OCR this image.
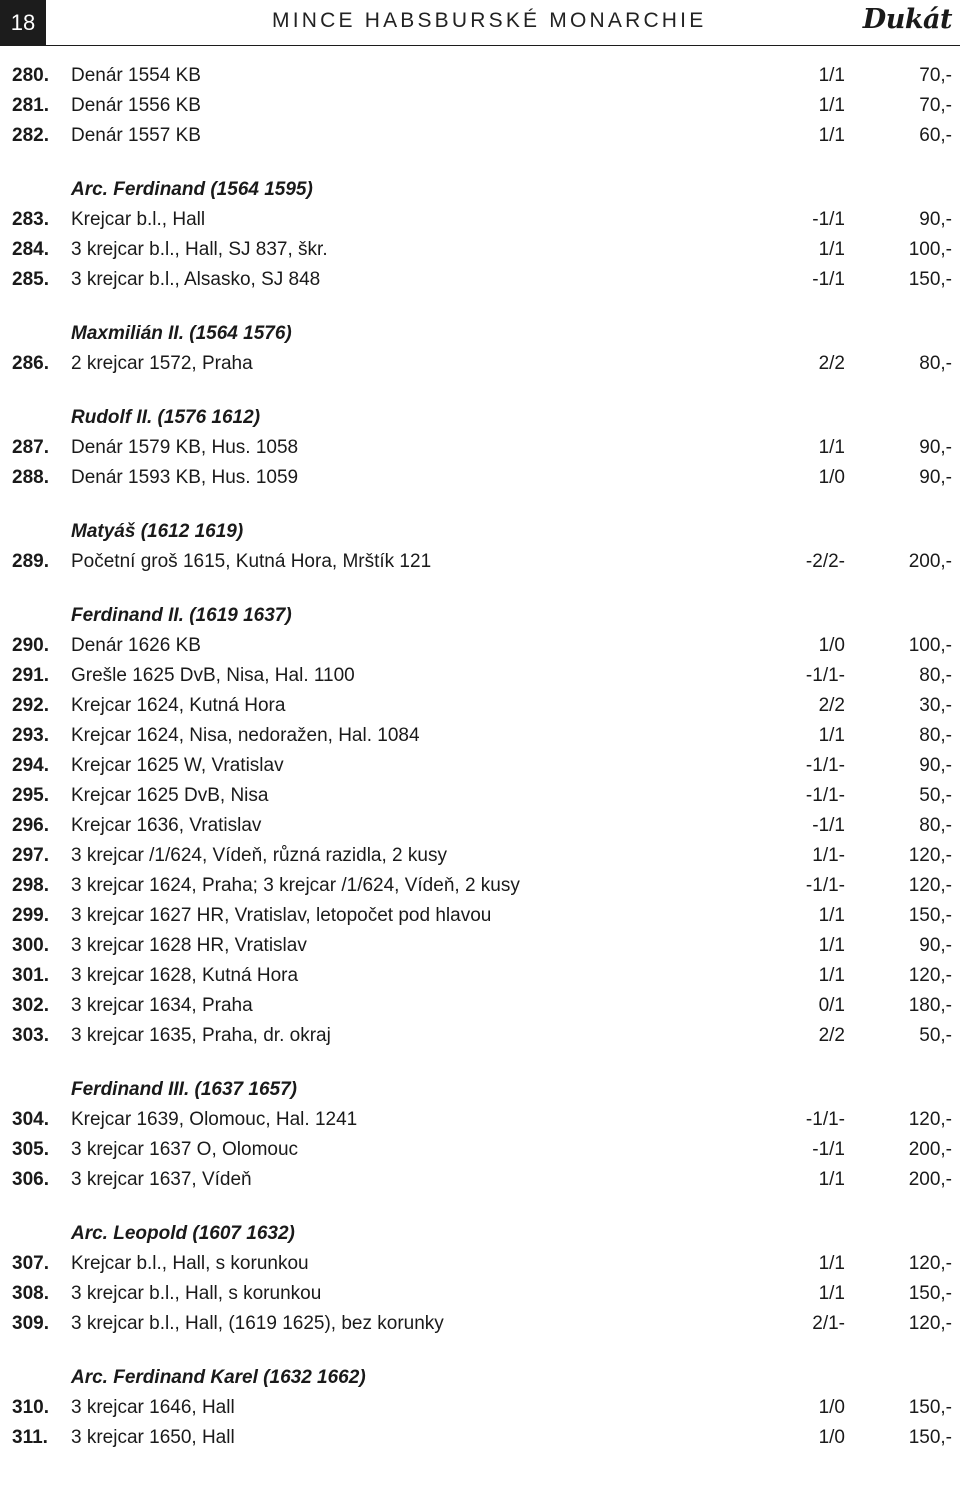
18	MINCE HABSBURSKÉ MONARCHIE	Dukát
280. Denár 1554 KB	1/1	70,-
281. Denár 1556 KB	1/1	70,-
282. Denár 1557 KB	1/1	60,-
Arc. Ferdinand (1564 1595)
283. Krejcar b.l., Hall	-1/1	90,-
284. 3 krejcar b.l., Hall, SJ 837, škr.	1/1	100,-
285. 3 krejcar b.l., Alsasko, SJ 848	-1/1	150,-
Maxmilián II. (1564 1576)
286. 2 krejcar 1572, Praha	2/2	80,-
Rudolf II. (1576 1612)
287. Denár 1579 KB, Hus. 1058	1/1	90,-
288. Denár 1593 KB, Hus. 1059	1/0	90,-
Matyáš (1612 1619)
289. Početní groš 1615, Kutná Hora, Mrštík 121	-2/2-	200,-
Ferdinand II. (1619 1637)
290. Denár 1626 KB	1/0	100,-
291. Grešle 1625 DvB, Nisa, Hal. 1100	-1/1-	80,-
292. Krejcar 1624, Kutná Hora	2/2	30,-
293. Krejcar 1624, Nisa, nedoražen, Hal. 1084	1/1	80,-
294. Krejcar 1625 W, Vratislav	-1/1-	90,-
295. Krejcar 1625 DvB, Nisa	-1/1-	50,-
296. Krejcar 1636, Vratislav	-1/1	80,-
297. 3 krejcar /1/624, Vídeň, různá razidla, 2 kusy	1/1-	120,-
298. 3 krejcar 1624, Praha; 3 krejcar /1/624, Vídeň, 2 kusy	-1/1-	120,-
299. 3 krejcar 1627 HR, Vratislav, letopočet pod hlavou	1/1	150,-
300. 3 krejcar 1628 HR, Vratislav	1/1	90,-
301. 3 krejcar 1628, Kutná Hora	1/1	120,-
302. 3 krejcar 1634, Praha	0/1	180,-
303. 3 krejcar 1635, Praha, dr. okraj	2/2	50,-
Ferdinand III. (1637 1657)
304. Krejcar 1639, Olomouc, Hal. 1241	-1/1-	120,-
305. 3 krejcar 1637 O, Olomouc	-1/1	200,-
306. 3 krejcar 1637, Vídeň	1/1	200,-
Arc. Leopold (1607 1632)
307. Krejcar b.l., Hall, s korunkou	1/1	120,-
308. 3 krejcar b.l., Hall, s korunkou	1/1	150,-
309. 3 krejcar b.l., Hall, (1619 1625), bez korunky	2/1-	120,-
Arc. Ferdinand Karel (1632 1662)
310. 3 krejcar 1646, Hall	1/0	150,-
311. 3 krejcar 1650, Hall	1/0	150,-
